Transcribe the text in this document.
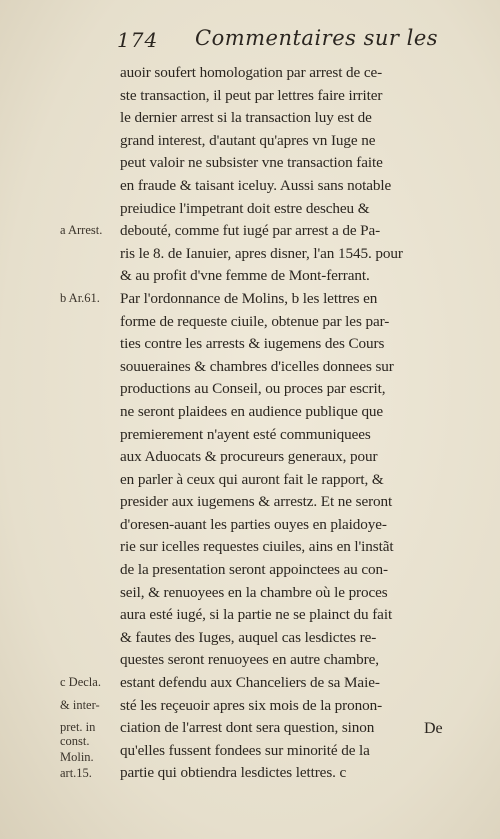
174 Commentaires sur les
a Arrest.
b Ar.61.
c Decla.
& inter-
pret. in
const.
Molin.
art.15.
auoir soufert homologation par arrest de ce-
ste transaction, il peut par lettres faire irriter
le dernier arrest si la transaction luy est de
grand interest, d'autant qu'apres vn Iuge ne
peut valoir ne subsister vne transaction faite
en fraude & taisant iceluy. Aussi sans notable
preiudice l'impetrant doit estre descheu &
debouté, comme fut iugé par arrest a de Pa-
ris le 8. de Ianuier, apres disner, l'an 1545. pour
& au profit d'vne femme de Mont-ferrant.
Par l'ordonnance de Molins, b les lettres en
forme de requeste ciuile, obtenue par les par-
ties contre les arrests & iugemens des Cours
souueraines & chambres d'icelles donnees sur
productions au Conseil, ou proces par escrit,
ne seront plaidees en audience publique que
premierement n'ayent esté communiquees
aux Aduocats & procureurs generaux, pour
en parler à ceux qui auront fait le rapport, &
presider aux iugemens & arrestz. Et ne seront
d'oresen-auant les parties ouyes en plaidoye-
rie sur icelles requestes ciuiles, ains en l'instãt
de la presentation seront appoinctees au con-
seil, & renuoyees en la chambre où le proces
aura esté iugé, si la partie ne se plainct du fait
& fautes des Iuges, auquel cas lesdictes re-
questes seront renuoyees en autre chambre,
estant defendu aux Chanceliers de sa Maie-
sté les reçeuoir apres six mois de la pronon-
ciation de l'arrest dont sera question, sinon
qu'elles fussent fondees sur minorité de la
partie qui obtiendra lesdictes lettres. c
De
